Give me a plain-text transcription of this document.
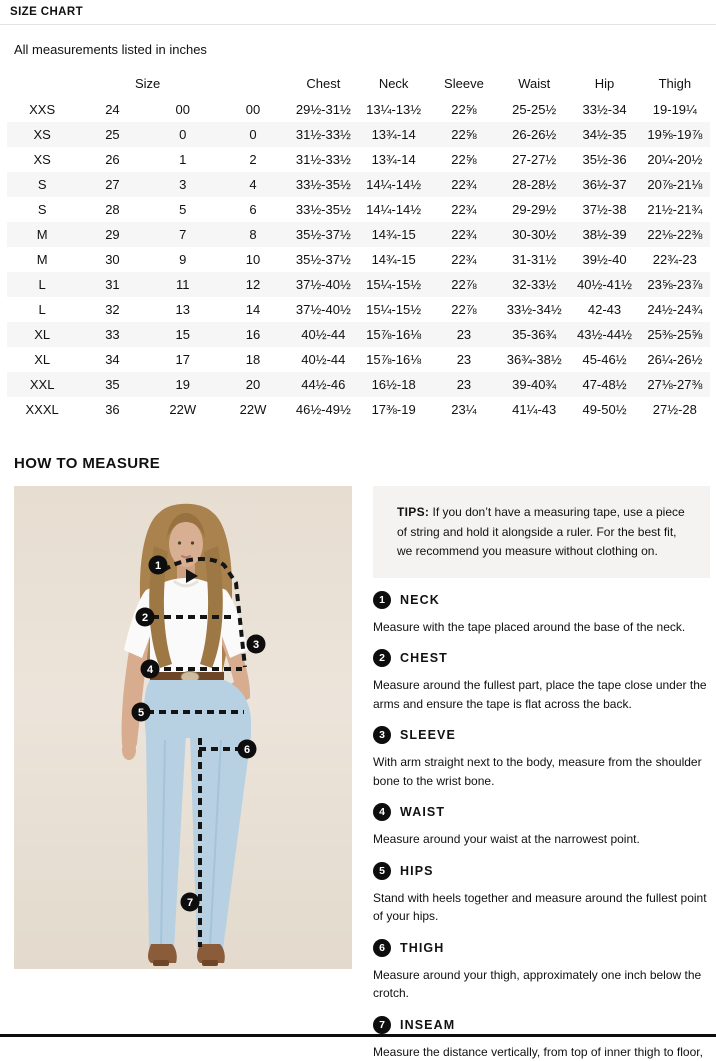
SIZE CHART
All measurements listed in inches
Size				Chest	Neck	Sleeve	Waist	Hip	Thigh
XXS	24	00	00	29½-31½	13¼-13½	22⅝	25-25½	33½-34	19-19¼
XS	25	0	0	31½-33½	13¾-14	22⅝	26-26½	34½-35	19⅝-19⅞
XS	26	1	2	31½-33½	13¾-14	22⅝	27-27½	35½-36	20¼-20½
S	27	3	4	33½-35½	14¼-14½	22¾	28-28½	36½-37	20⅞-21⅛
S	28	5	6	33½-35½	14¼-14½	22¾	29-29½	37½-38	21½-21¾
M	29	7	8	35½-37½	14¾-15	22¾	30-30½	38½-39	22⅛-22⅜
M	30	9	10	35½-37½	14¾-15	22¾	31-31½	39½-40	22¾-23
L	31	11	12	37½-40½	15¼-15½	22⅞	32-33½	40½-41½	23⅝-23⅞
L	32	13	14	37½-40½	15¼-15½	22⅞	33½-34½	42-43	24½-24¾
XL	33	15	16	40½-44	15⅞-16⅛	23	35-36¾	43½-44½	25⅜-25⅝
XL	34	17	18	40½-44	15⅞-16⅛	23	36¾-38½	45-46½	26¼-26½
XXL	35	19	20	44½-46	16½-18	23	39-40¾	47-48½	27⅛-27⅜
XXXL	36	22W	22W	46½-49½	17⅜-19	23¼	41¼-43	49-50½	27½-28
HOW TO MEASURE
1
2
3
4
5
6
7
TIPS: If you don’t have a measuring tape, use a piece of string and hold it alongside a ruler. For the best fit, we recommend you measure without clothing on.
1	NECK
Measure with the tape placed around the base of the neck.
2	CHEST
Measure around the fullest part, place the tape close under the arms and ensure the tape is flat across the back.
3	SLEEVE
With arm straight next to the body, measure from the shoulder bone to the wrist bone.
4	WAIST
Measure around your waist at the narrowest point.
5	HIPS
Stand with heels together and measure around the fullest point of your hips.
6	THIGH
Measure around your thigh, approximately one inch below the crotch.
7	INSEAM
Measure the distance vertically, from top of inner thigh to floor,
